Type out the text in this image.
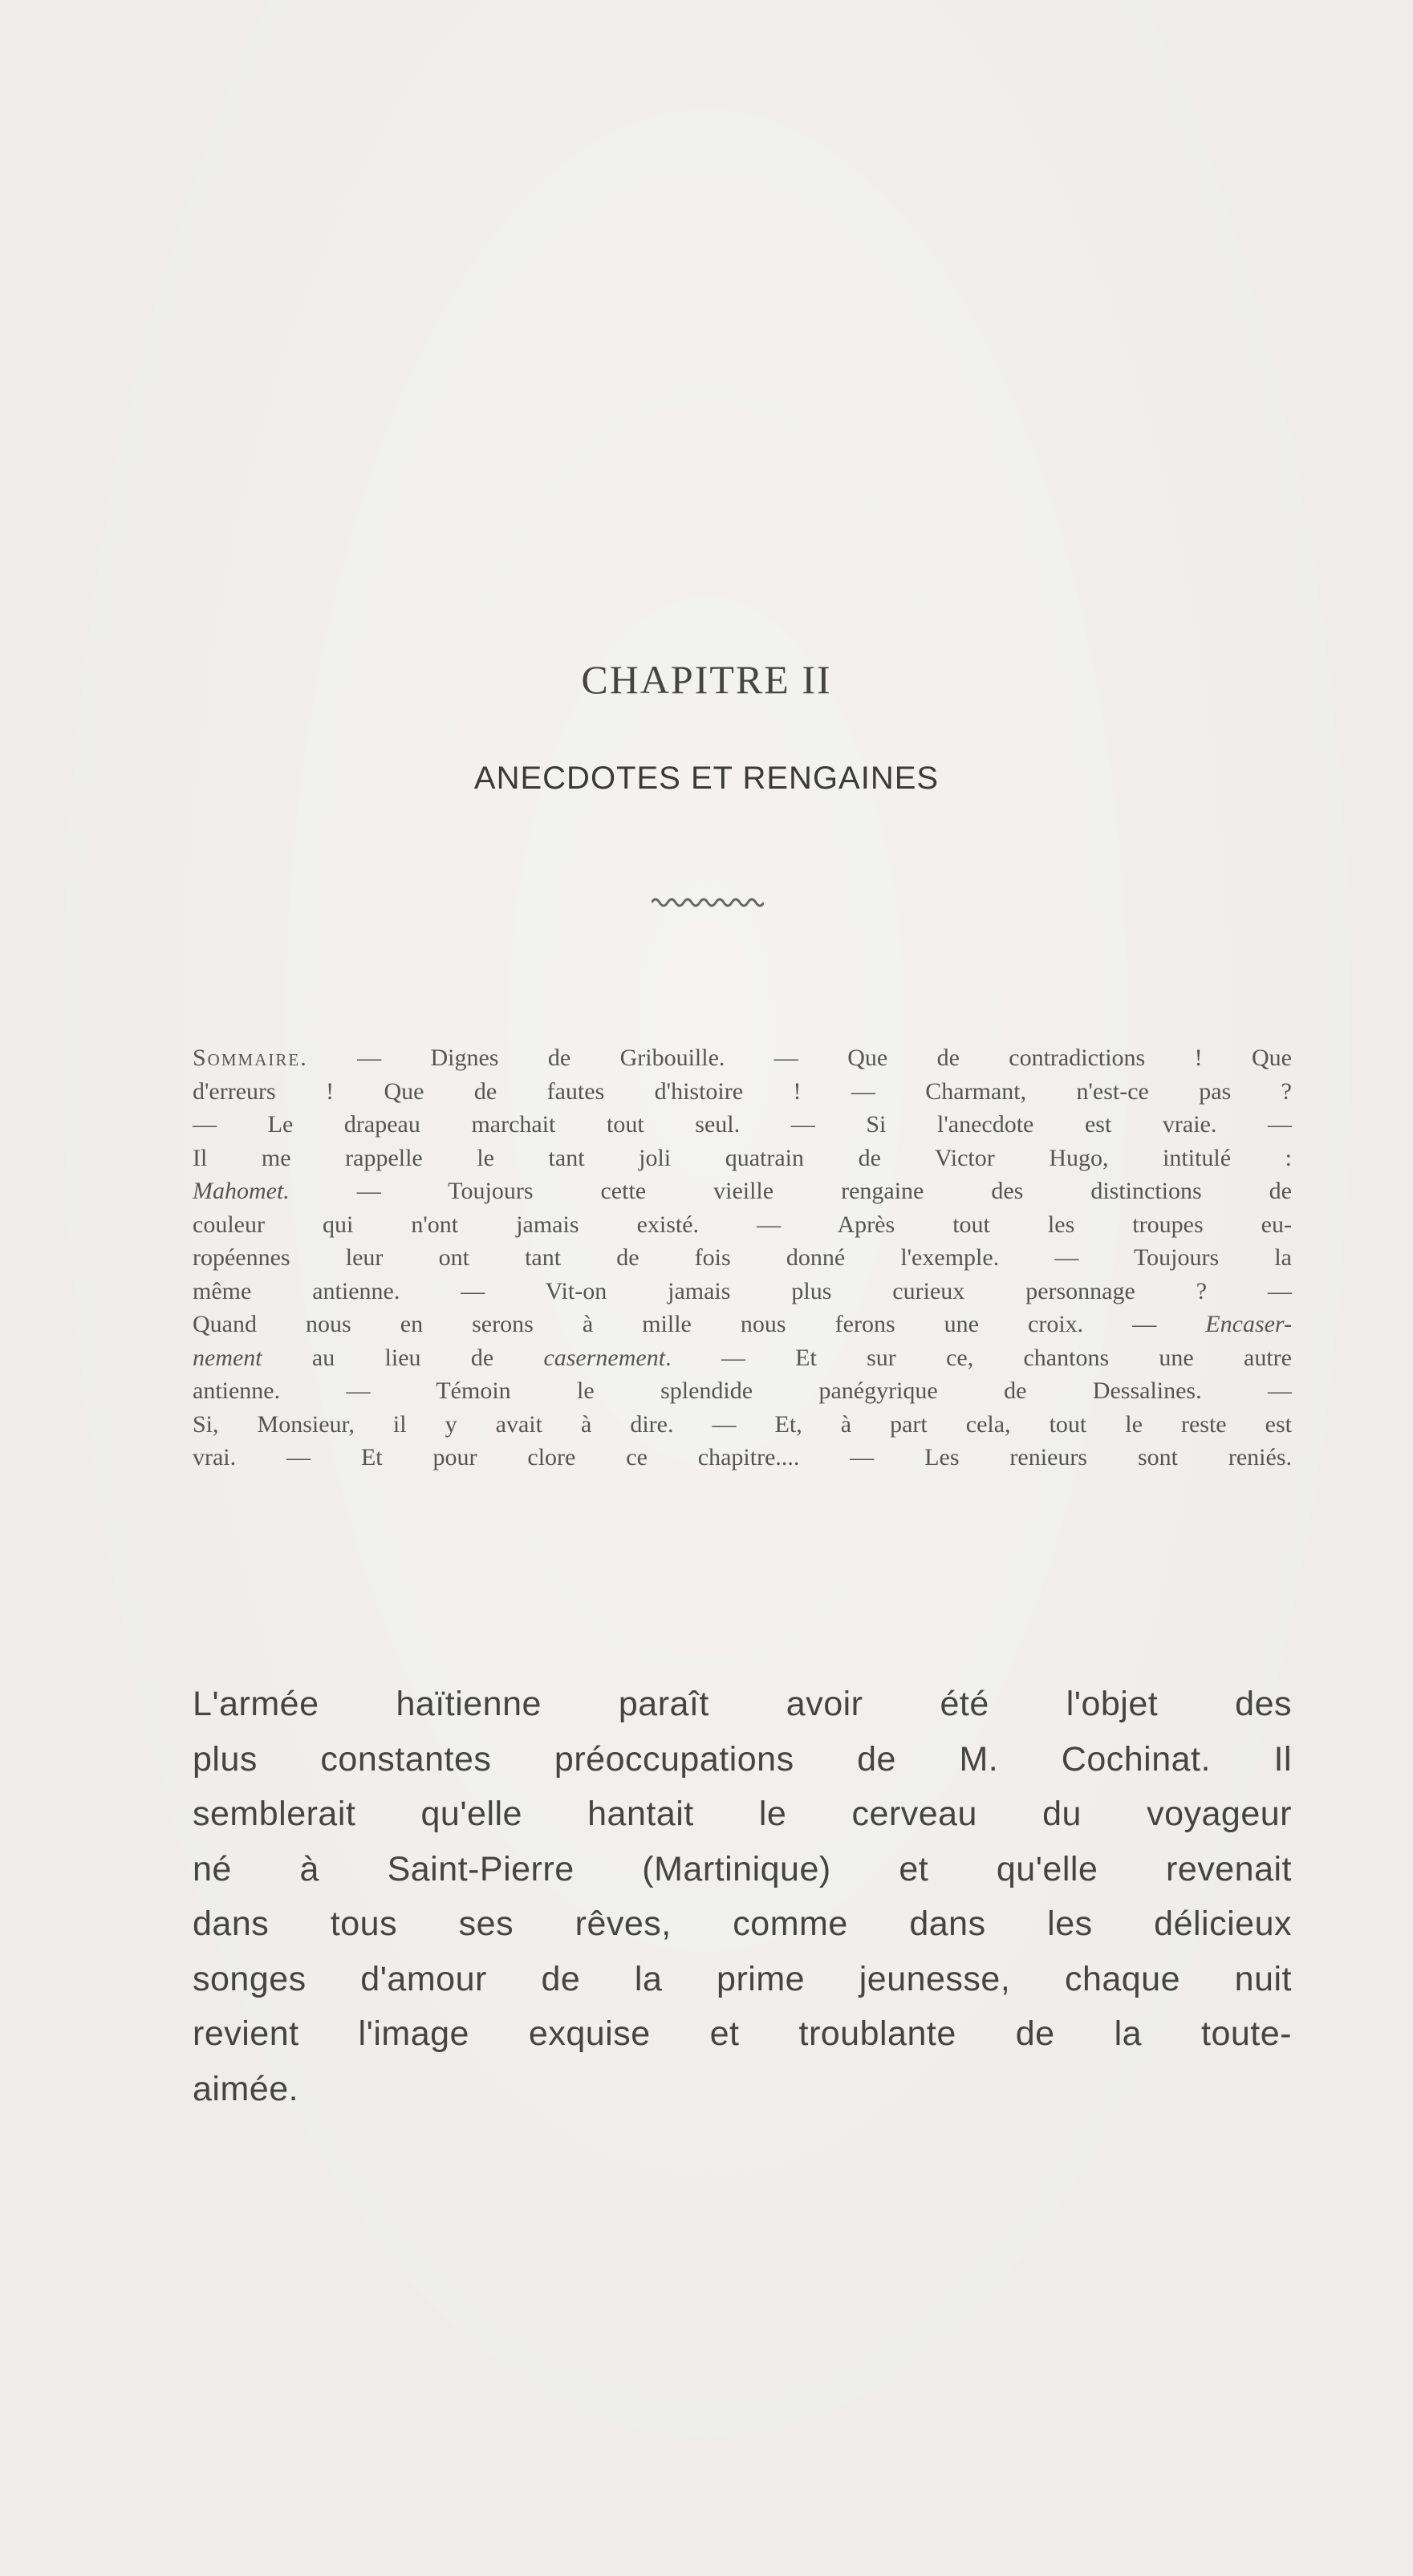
CHAPITRE II
ANECDOTES ET RENGAINES
Sommaire. — Dignes de Gribouille. — Que de contradictions ! Que
d'erreurs ! Que de fautes d'histoire ! — Charmant, n'est-ce pas ?
— Le drapeau marchait tout seul. — Si l'anecdote est vraie. —
Il me rappelle le tant joli quatrain de Victor Hugo, intitulé :
Mahomet. — Toujours cette vieille rengaine des distinctions de
couleur qui n'ont jamais existé. — Après tout les troupes eu-
ropéennes leur ont tant de fois donné l'exemple. — Toujours la
même antienne. — Vit-on jamais plus curieux personnage ? —
Quand nous en serons à mille nous ferons une croix. — Encaser-
nement au lieu de casernement. — Et sur ce, chantons une autre
antienne. — Témoin le splendide panégyrique de Dessalines. —
Si, Monsieur, il y avait à dire. — Et, à part cela, tout le reste est
vrai. — Et pour clore ce chapitre.... — Les renieurs sont reniés.
L'armée haïtienne paraît avoir été l'objet des
plus constantes préoccupations de M. Cochinat. Il
semblerait qu'elle hantait le cerveau du voyageur
né à Saint-Pierre (Martinique) et qu'elle revenait
dans tous ses rêves, comme dans les délicieux
songes d'amour de la prime jeunesse, chaque nuit
revient l'image exquise et troublante de la toute-
aimée.
